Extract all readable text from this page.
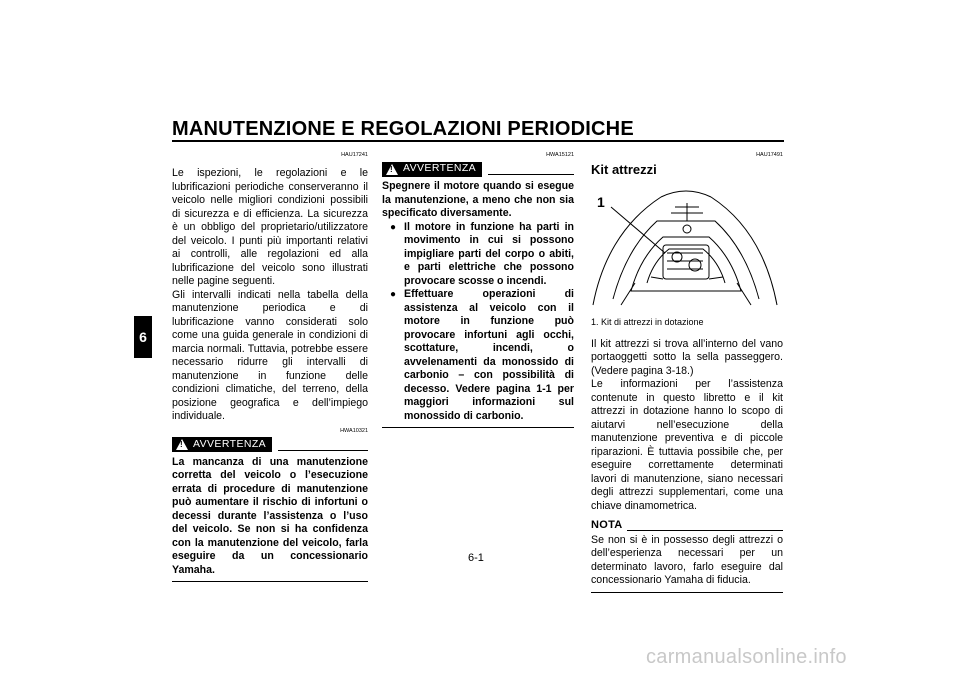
MANUTENZIONE E REGOLAZIONI PERIODICHE
6
HAU17241

Le ispezioni, le regolazioni e le lubrificazioni periodiche conserveranno il veicolo nelle migliori condizioni possibili di sicurezza e di efficienza. La sicurezza è un obbligo del proprietario/utilizzatore del veicolo. I punti più importanti relativi ai controlli, alle regolazioni ed alla lubrificazione del veicolo sono illustrati nelle pagine seguenti.

Gli intervalli indicati nella tabella della manutenzione periodica e di lubrificazione vanno considerati solo come una guida generale in condizioni di marcia normali. Tuttavia, potrebbe essere necessario ridurre gli intervalli di manutenzione in funzione delle condizioni climatiche, del terreno, della posizione geografica e dell’impiego individuale.

HWA10321
! AVVERTENZA

La mancanza di una manutenzione corretta del veicolo o l’esecuzione errata di procedure di manutenzione può aumentare il rischio di infortuni o decessi durante l’assistenza o l’uso del veicolo. Se non si ha confidenza con la manutenzione del veicolo, farla eseguire da un concessionario Yamaha.

HWA15121
! AVVERTENZA

Spegnere il motore quando si esegue la manutenzione, a meno che non sia specificato diversamente.

● Il motore in funzione ha parti in movimento in cui si possono impigliare parti del corpo o abiti, e parti elettriche che possono provocare scosse o incendi.

● Effettuare operazioni di assistenza al veicolo con il motore in funzione può provocare infortuni agli occhi, scottature, incendi, o avvelenamenti da monossido di carbonio – con possibilità di decesso. Vedere pagina 1-1 per maggiori informazioni sul monossido di carbonio.

HAU17491
Kit attrezzi
1
1. Kit di attrezzi in dotazione

Il kit attrezzi si trova all’interno del vano portaoggetti sotto la sella passeggero. (Vedere pagina 3-18.)

Le informazioni per l’assistenza contenute in questo libretto e il kit attrezzi in dotazione hanno lo scopo di aiutarvi nell’esecuzione della manutenzione preventiva e di piccole riparazioni. È tuttavia possibile che, per eseguire correttamente determinati lavori di manutenzione, siano necessari degli attrezzi supplementari, come una chiave dinamometrica.

NOTA

Se non si è in possesso degli attrezzi o dell’esperienza necessari per un determinato lavoro, farlo eseguire dal concessionario Yamaha di fiducia.

6-1
carmanualsonline.info
